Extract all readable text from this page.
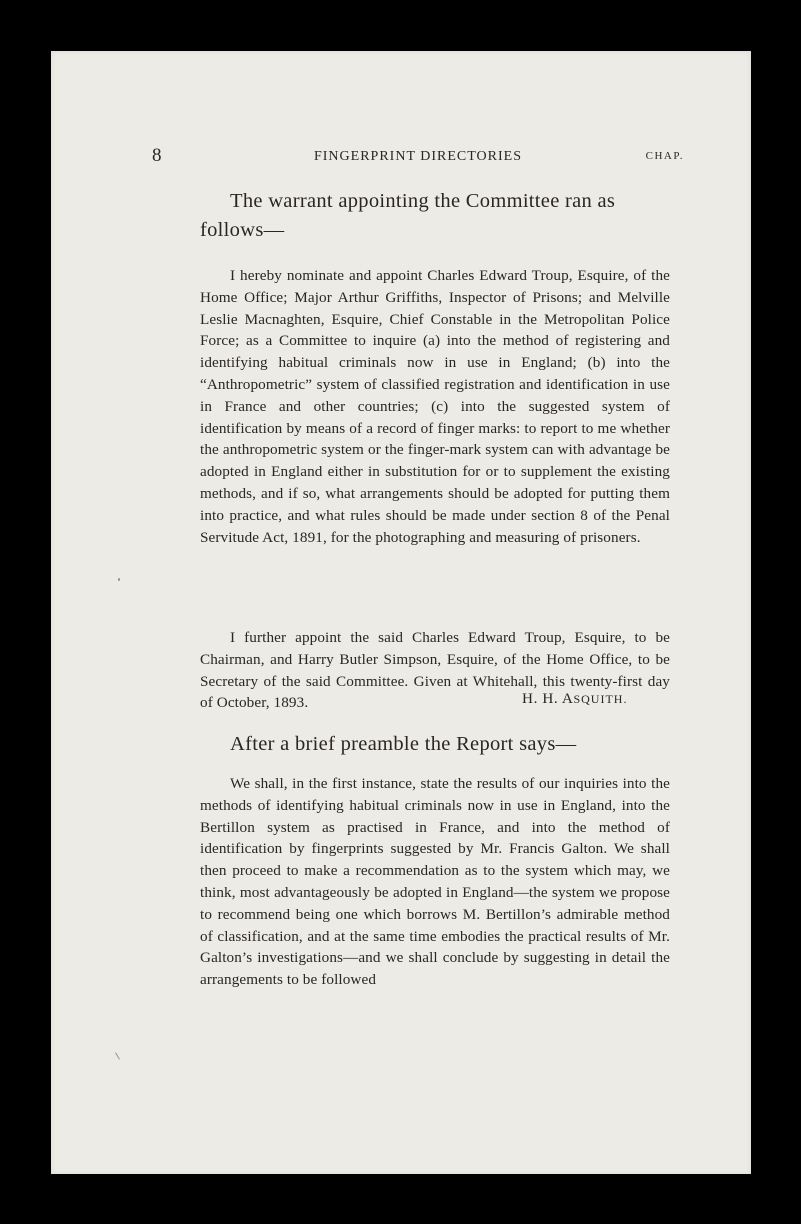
8	FINGERPRINT DIRECTORIES	CHAP.

The warrant appointing the Committee ran as follows—

I hereby nominate and appoint Charles Edward Troup, Esquire, of the Home Office; Major Arthur Griffiths, Inspector of Prisons; and Melville Leslie Macnaghten, Esquire, Chief Constable in the Metropolitan Police Force; as a Committee to inquire (a) into the method of registering and identifying habitual criminals now in use in England; (b) into the “Anthropometric” system of classified registration and identification in use in France and other countries; (c) into the suggested system of identification by means of a record of finger marks: to report to me whether the anthropometric system or the finger-mark system can with advantage be adopted in England either in substitution for or to supplement the existing methods, and if so, what arrangements should be adopted for putting them into practice, and what rules should be made under section 8 of the Penal Servitude Act, 1891, for the photographing and measuring of prisoners.

I further appoint the said Charles Edward Troup, Esquire, to be Chairman, and Harry Butler Simpson, Esquire, of the Home Office, to be Secretary of the said Committee. Given at Whitehall, this twenty-first day of October, 1893.	H. H. ASQUITH.
After a brief preamble the Report says—

We shall, in the first instance, state the results of our inquiries into the methods of identifying habitual criminals now in use in England, into the Bertillon system as practised in France, and into the method of identification by fingerprints suggested by Mr. Francis Galton. We shall then proceed to make a recommendation as to the system which may, we think, most advantageously be adopted in England—the system we propose to recommend being one which borrows M. Bertillon’s admirable method of classification, and at the same time embodies the practical results of Mr. Galton’s investigations—and we shall conclude by suggesting in detail the arrangements to be followed
